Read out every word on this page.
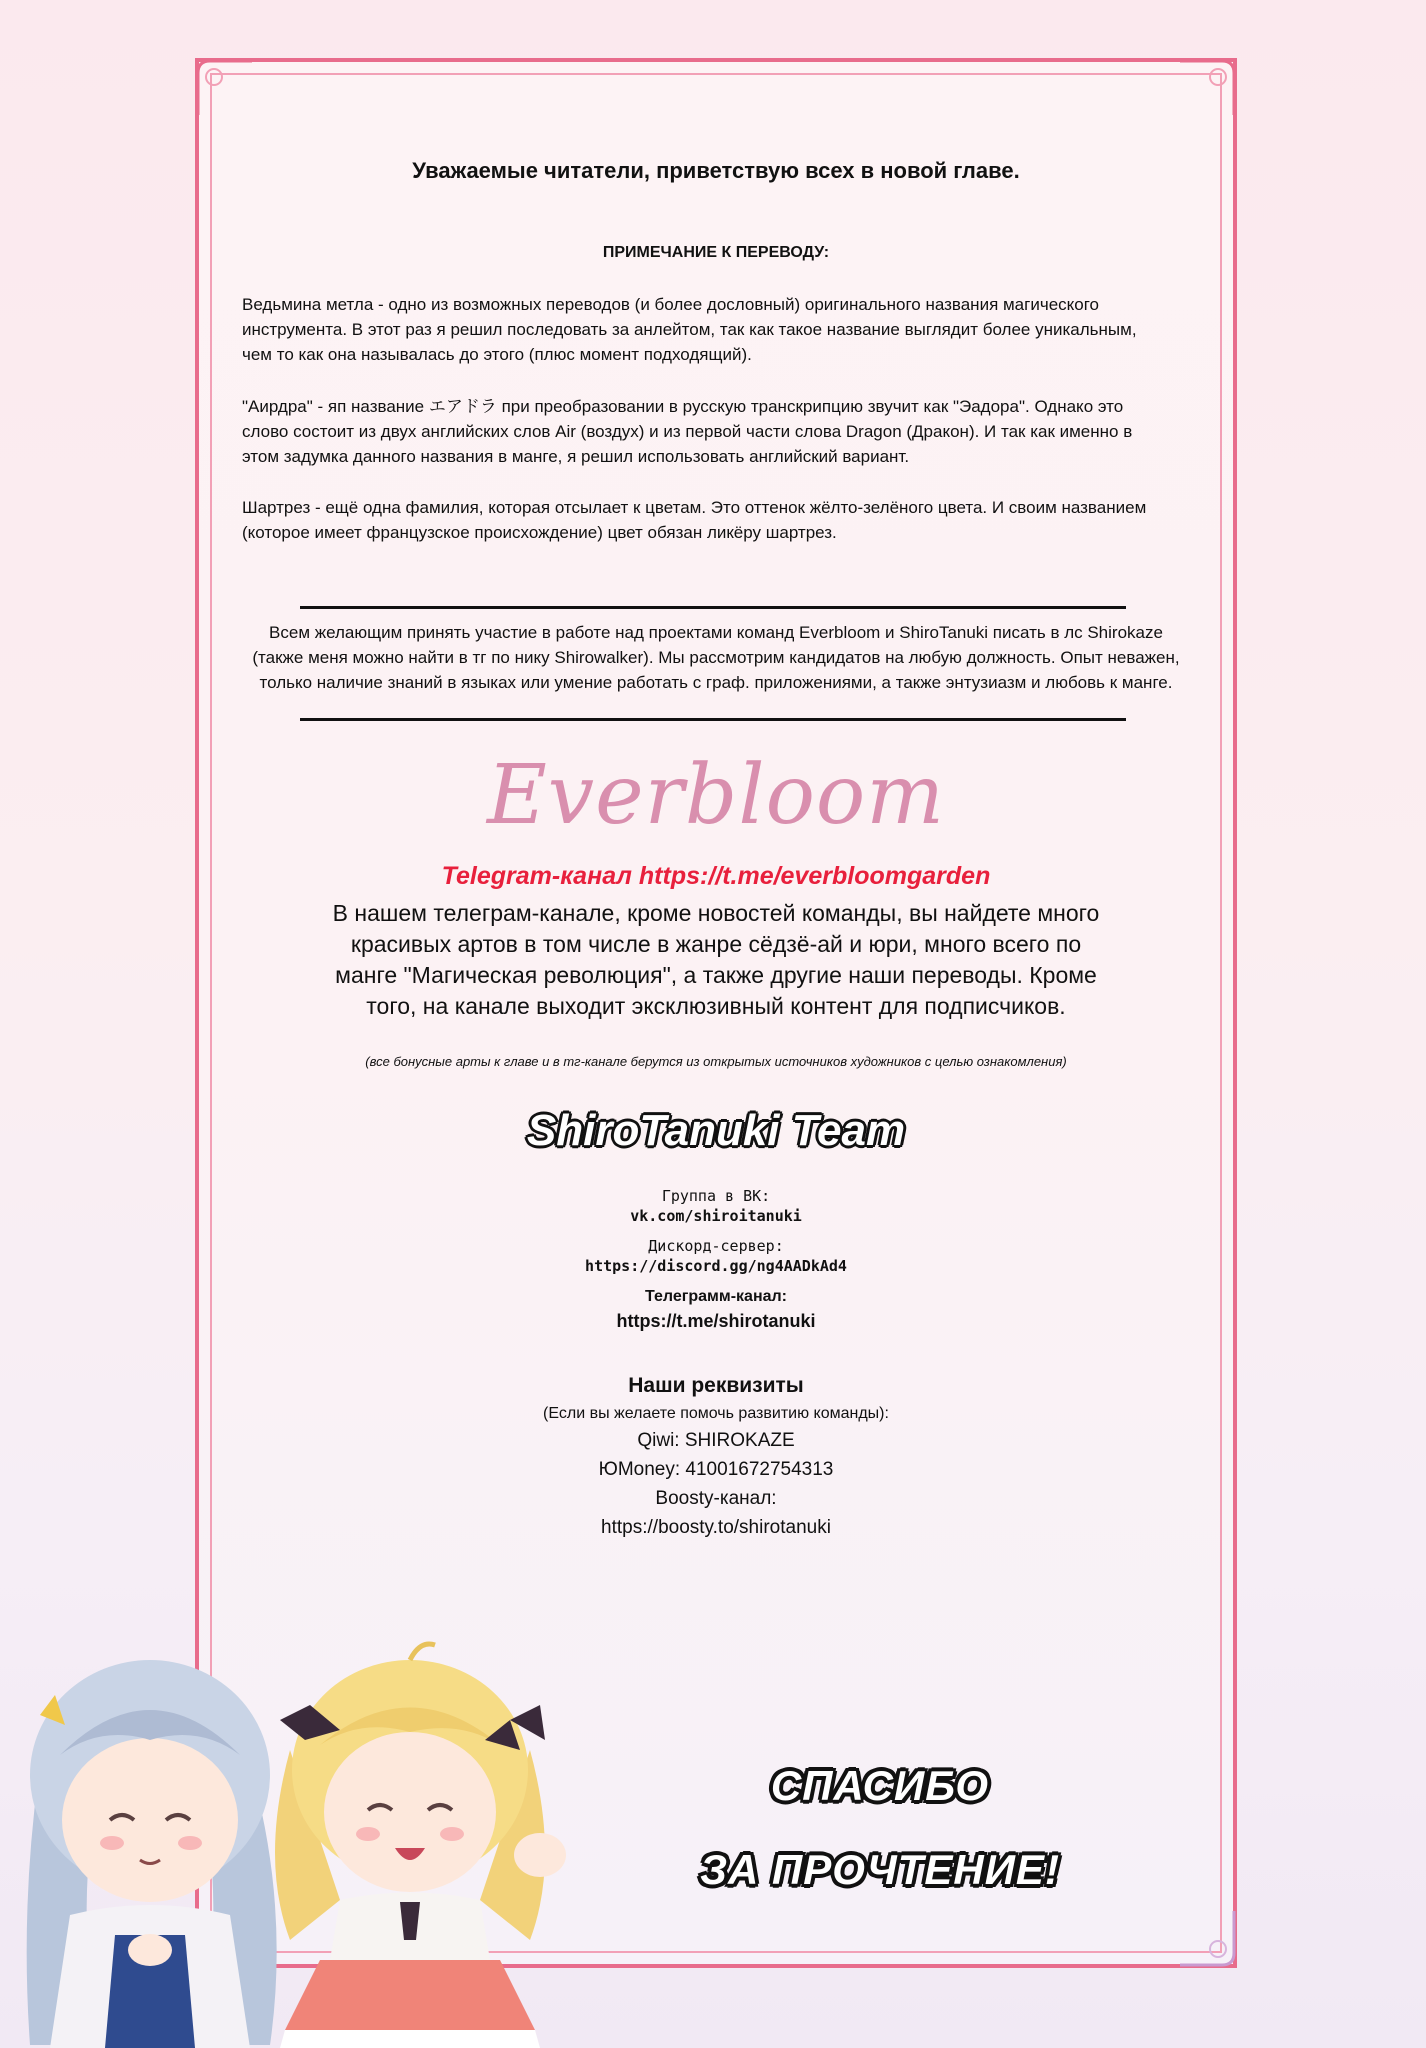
Уважаемые читатели, приветствую всех в новой главе.
ПРИМЕЧАНИЕ К ПЕРЕВОДУ:
Ведьмина метла - одно из возможных переводов (и более дословный) оригинального названия магического
инструмента. В этот раз я решил последовать за анлейтом, так как такое название выглядит более уникальным,
чем то как она называлась до этого (плюс момент подходящий).
"Аирдра" - яп название エアドラ при преобразовании в русскую транскрипцию звучит как "Эадора". Однако это
слово состоит из двух английских слов Air (воздух) и из первой части слова Dragon (Дракон). И так как именно в
этом задумка данного названия в манге, я решил использовать английский вариант.
Шартрез - ещё одна фамилия, которая отсылает к цветам. Это оттенок жёлто-зелёного цвета. И своим названием
(которое имеет французское происхождение) цвет обязан ликёру шартрез.
Всем желающим принять участие в работе над проектами команд Everbloom и ShiroTanuki писать в лс Shirokaze
(также меня можно найти в тг по нику Shirowalker). Мы рассмотрим кандидатов на любую должность. Опыт неважен,
только наличие знаний в языках или умение работать с граф. приложениями, а также энтузиазм и любовь к манге.
Everbloom
Telegram-канал https://t.me/everbloomgarden
В нашем телеграм-канале, кроме новостей команды, вы найдете много
красивых артов в том числе в жанре сёдзё-ай и юри, много всего по
манге "Магическая революция", а также другие наши переводы. Кроме
того, на канале выходит эксклюзивный контент для подписчиков.
(все бонусные арты к главе и в тг-канале берутся из открытых источников художников с целью ознакомления)
ShiroTanuki Team
Группа в ВК:
vk.com/shiroitanuki
Дискорд-сервер:
https://discord.gg/ng4AADkAd4
Телеграмм-канал:
https://t.me/shirotanuki
Наши реквизиты
(Если вы желаете помочь развитию команды):
Qiwi: SHIROKAZE
ЮMoney: 41001672754313
Boosty-канал:
https://boosty.to/shirotanuki
СПАСИБО
ЗА ПРОЧТЕНИЕ!
